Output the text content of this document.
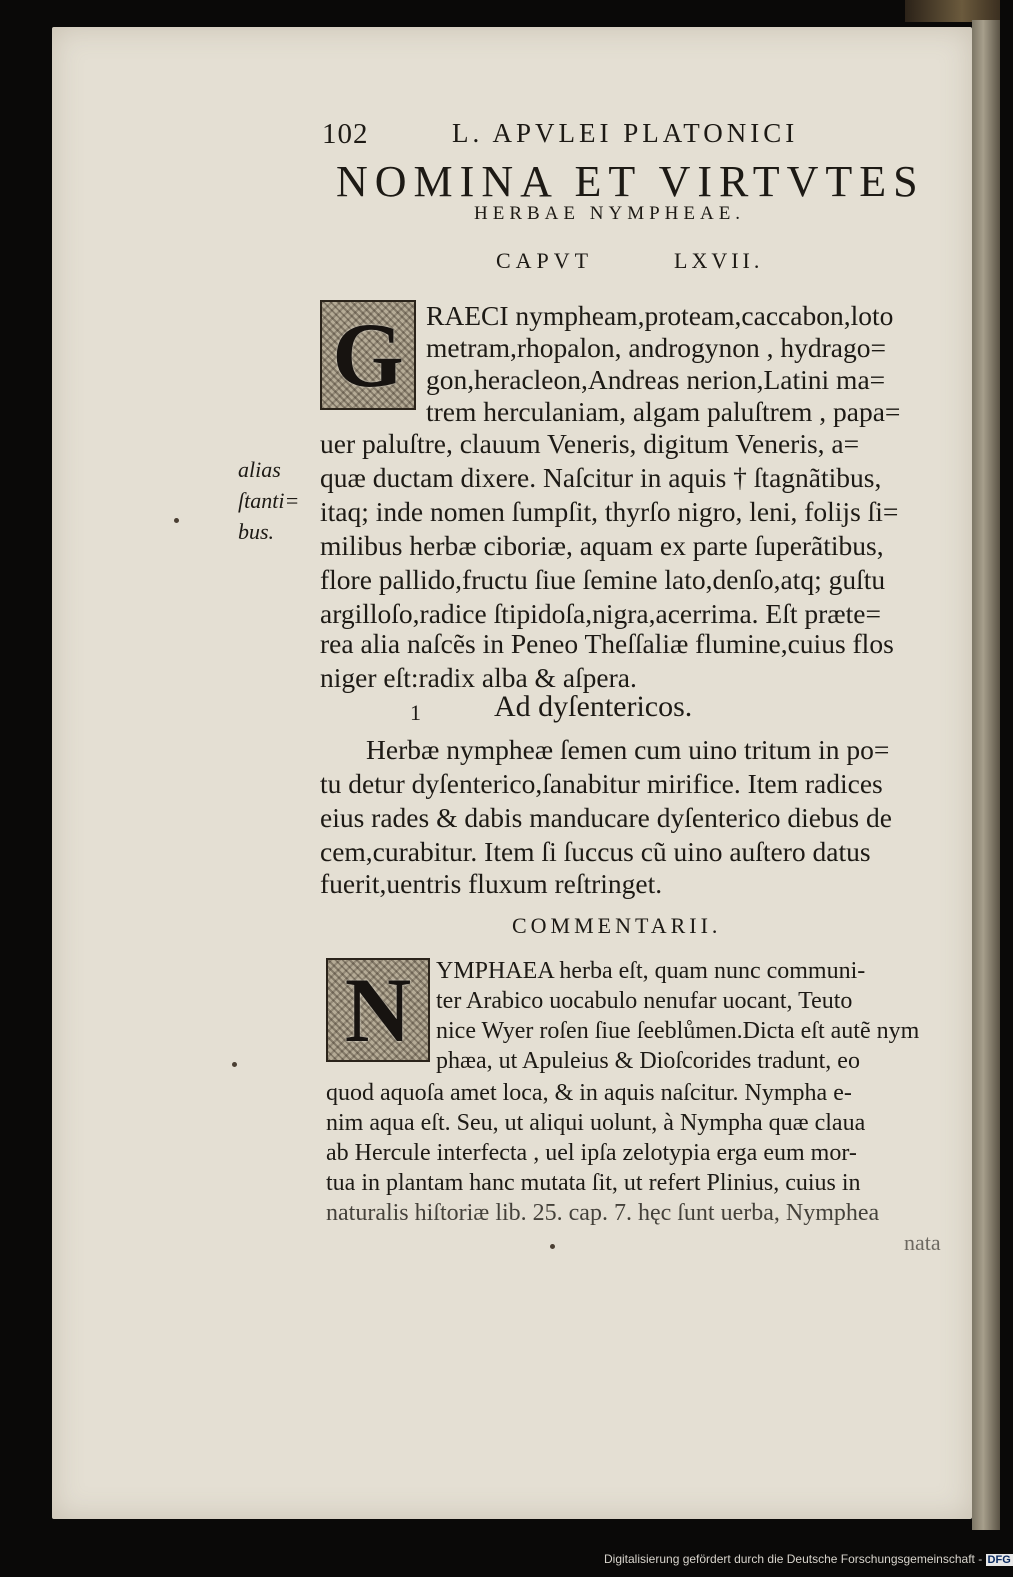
102	L. APVLEI PLATONICI
NOMINA ET VIRTVTES
HERBAE NYMPHEAE.
CAPVT	LXVII.
G RAECI nympheam,proteam,caccabon,loto
metram,rhopalon, androgynon , hydrago=
gon,heracleon,Andreas nerion,Latini ma=
trem herculaniam, algam paluſtrem , papa=
uer paluſtre, clauum Veneris, digitum Veneris, a=
quæ ductam dixere. Naſcitur in aquis † ſtagnãtibus,
itaq; inde nomen ſumpſit, thyrſo nigro, leni, folijs ſi=
milibus herbæ ciboriæ, aquam ex parte ſuperãtibus,
flore pallido,fructu ſiue ſemine lato,denſo,atq; guſtu
argilloſo,radice ſtipidoſa,nigra,acerrima. Eſt præte=
rea alia naſcẽs in Peneo Theſſaliæ flumine,cuius flos
niger eſt:radix alba & aſpera.
alias
ſtanti=
bus.
1 Ad dyſentericos.
Herbæ nympheæ ſemen cum uino tritum in po=
tu detur dyſenterico,ſanabitur mirifice. Item radices
eius rades & dabis manducare dyſenterico diebus de
cem,curabitur. Item ſi ſuccus cũ uino auſtero datus
fuerit,uentris fluxum reſtringet.
COMMENTARII.
N	YMPHAEA herba eſt, quam nunc communi-
ter Arabico uocabulo nenufar uocant, Teuto
nice Wyer roſen ſiue ſeeblůmen.Dicta eſt autẽ nym
phæa, ut Apuleius & Dioſcorides tradunt, eo
quod aquoſa amet loca, & in aquis naſcitur. Nympha e-
nim aqua eſt. Seu, ut aliqui uolunt, à Nympha quæ claua
ab Hercule interfecta , uel ipſa zelotypia erga eum mor-
tua in plantam hanc mutata ſit, ut refert Plinius, cuius in
naturalis hiſtoriæ lib. 25. cap. 7. hęc ſunt uerba, Nymphea
nata
Digitalisierung gefördert durch die Deutsche Forschungsgemeinschaft - DFG
